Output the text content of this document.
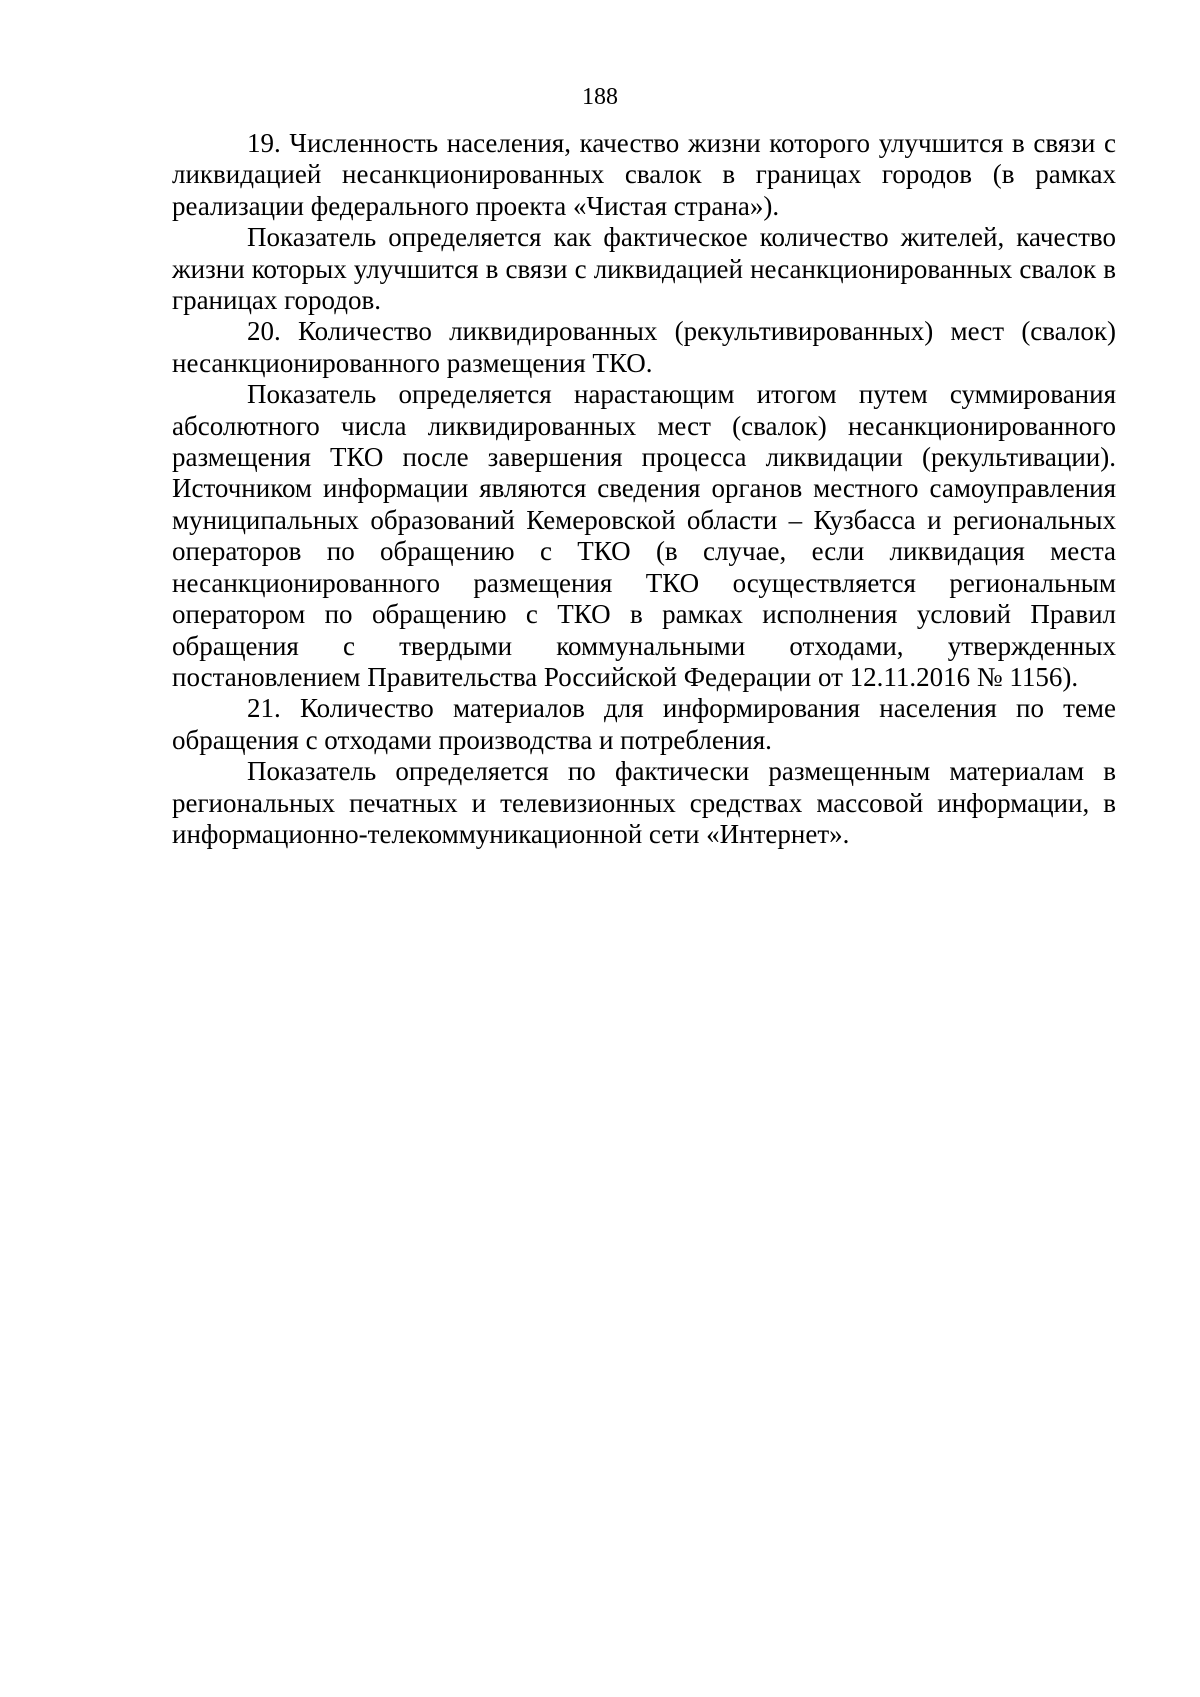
188

19. Численность населения, качество жизни которого улучшится в связи с ликвидацией несанкционированных свалок в границах городов (в рамках реализации федерального проекта «Чистая страна»).

Показатель определяется как фактическое количество жителей, качество жизни которых улучшится в связи с ликвидацией несанкционированных свалок в границах городов.

20. Количество ликвидированных (рекультивированных) мест (свалок) несанкционированного размещения ТКО.

Показатель определяется нарастающим итогом путем суммирования абсолютного числа ликвидированных мест (свалок) несанкционированного размещения ТКО после завершения процесса ликвидации (рекультивации). Источником информации являются сведения органов местного самоуправления муниципальных образований Кемеровской области – Кузбасса и региональных операторов по обращению с ТКО (в случае, если ликвидация места несанкционированного размещения ТКО осуществляется региональным оператором по обращению с ТКО в рамках исполнения условий Правил обращения с твердыми коммунальными отходами, утвержденных постановлением Правительства Российской Федерации от 12.11.2016 № 1156).

21. Количество материалов для информирования населения по теме обращения с отходами производства и потребления.

Показатель определяется по фактически размещенным материалам в региональных печатных и телевизионных средствах массовой информации, в информационно-телекоммуникационной сети «Интернет».
